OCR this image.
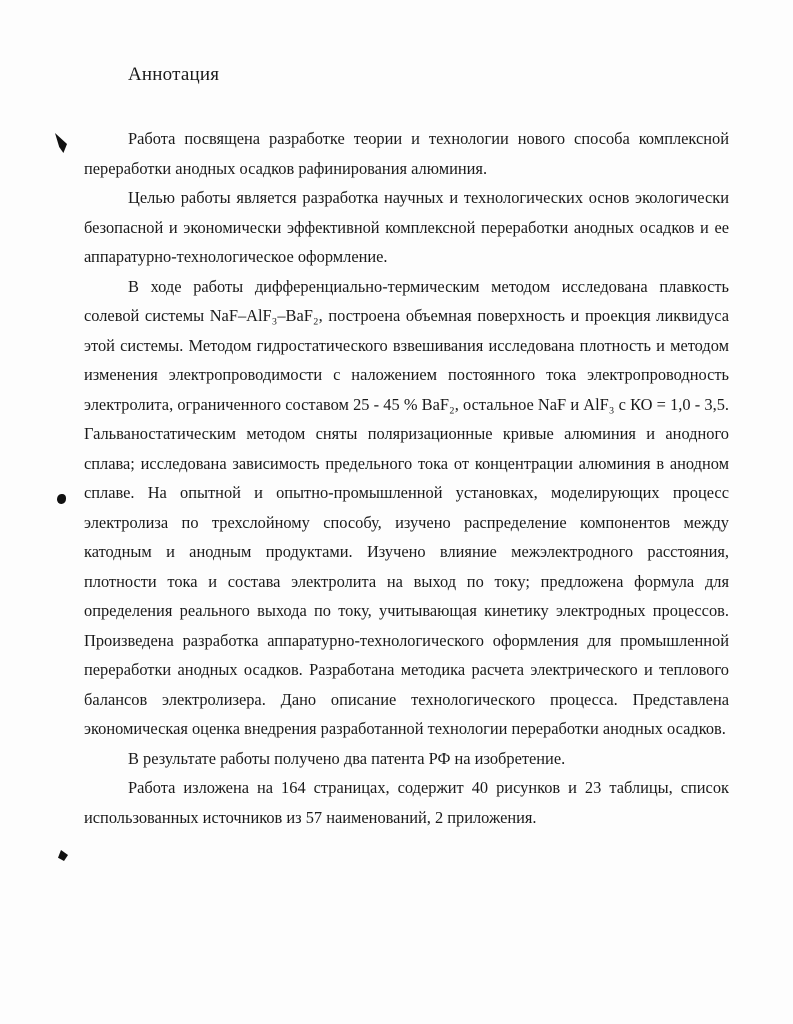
Аннотация

Работа посвящена разработке теории и технологии нового способа комплексной переработки анодных осадков рафинирования алюминия.

Целью работы является разработка научных и технологических основ экологически безопасной и экономически эффективной комплексной переработки анодных осадков и ее аппаратурно-технологическое оформление.

В ходе работы дифференциально-термическим методом исследована плавкость солевой системы NaF–AlF₃–BaF₂, построена объемная поверхность и проекция ликвидуса этой системы. Методом гидростатического взвешивания исследована плотность и методом изменения электропроводимости с наложением постоянного тока электропроводность электролита, ограниченного составом 25 - 45 % BaF₂, остальное NaF и AlF₃ с КО = 1,0 - 3,5. Гальваностатическим методом сняты поляризационные кривые алюминия и анодного сплава; исследована зависимость предельного тока от концентрации алюминия в анодном сплаве. На опытной и опытно-промышленной установках, моделирующих процесс электролиза по трехслойному способу, изучено распределение компонентов между катодным и анодным продуктами. Изучено влияние межэлектродного расстояния, плотности тока и состава электролита на выход по току; предложена формула для определения реального выхода по току, учитывающая кинетику электродных процессов. Произведена разработка аппаратурно-технологического оформления для промышленной переработки анодных осадков. Разработана методика расчета электрического и теплового балансов электролизера. Дано описание технологического процесса. Представлена экономическая оценка внедрения разработанной технологии переработки анодных осадков.

В результате работы получено два патента РФ на изобретение.

Работа изложена на 164 страницах, содержит 40 рисунков и 23 таблицы, список использованных источников из 57 наименований, 2 приложения.
